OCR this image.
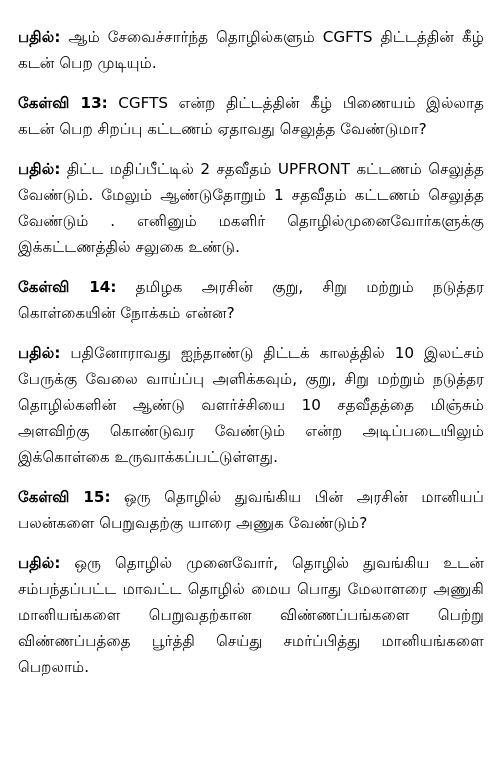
பதில்: ஆம் சேவைச்சார்ந்த தொழில்களும் CGFTS திட்டத்தின் கீழ் கடன் பெற முடியும்.

கேள்வி 13: CGFTS என்ற திட்டத்தின் கீழ் பிணையம் இல்லாத கடன் பெற சிறப்பு கட்டணம் ஏதாவது செலுத்த வேண்டுமா?

பதில்: திட்ட மதிப்பீட்டில் 2 சதவீதம் UPFRONT கட்டணம் செலுத்த வேண்டும். மேலும் ஆண்டுதோறும் 1 சதவீதம் கட்டணம் செலுத்த வேண்டும் . எனினும் மகளிர் தொழில்முனைவோர்களுக்கு இக்கட்டணத்தில் சலுகை உண்டு.

கேள்வி 14: தமிழக அரசின் குறு, சிறு மற்றும் நடுத்தர கொள்கையின் நோக்கம் என்ன?

பதில்: பதினோராவது ஐந்தாண்டு திட்டக் காலத்தில் 10 இலட்சம் பேருக்கு வேலை வாய்ப்பு அளிக்கவும், குறு, சிறு மற்றும் நடுத்தர தொழில்களின் ஆண்டு வளர்ச்சியை 10 சதவீதத்தை மிஞ்சும் அளவிற்கு கொண்டுவர வேண்டும் என்ற அடிப்படையிலும் இக்கொள்கை உருவாக்கப்பட்டுள்ளது.

கேள்வி 15: ஒரு தொழில் துவங்கிய பின் அரசின் மானியப் பலன்களை பெறுவதற்கு யாரை அணுக வேண்டும்?

பதில்: ஒரு தொழில் முனைவோர், தொழில் துவங்கிய உடன் சம்பந்தப்பட்ட மாவட்ட தொழில் மைய பொது மேலாளரை அணுகி மானியங்களை பெறுவதற்கான விண்ணப்பங்களை பெற்று விண்ணப்பத்தை பூர்த்தி செய்து சமர்ப்பித்து மானியங்களை பெறலாம்.
